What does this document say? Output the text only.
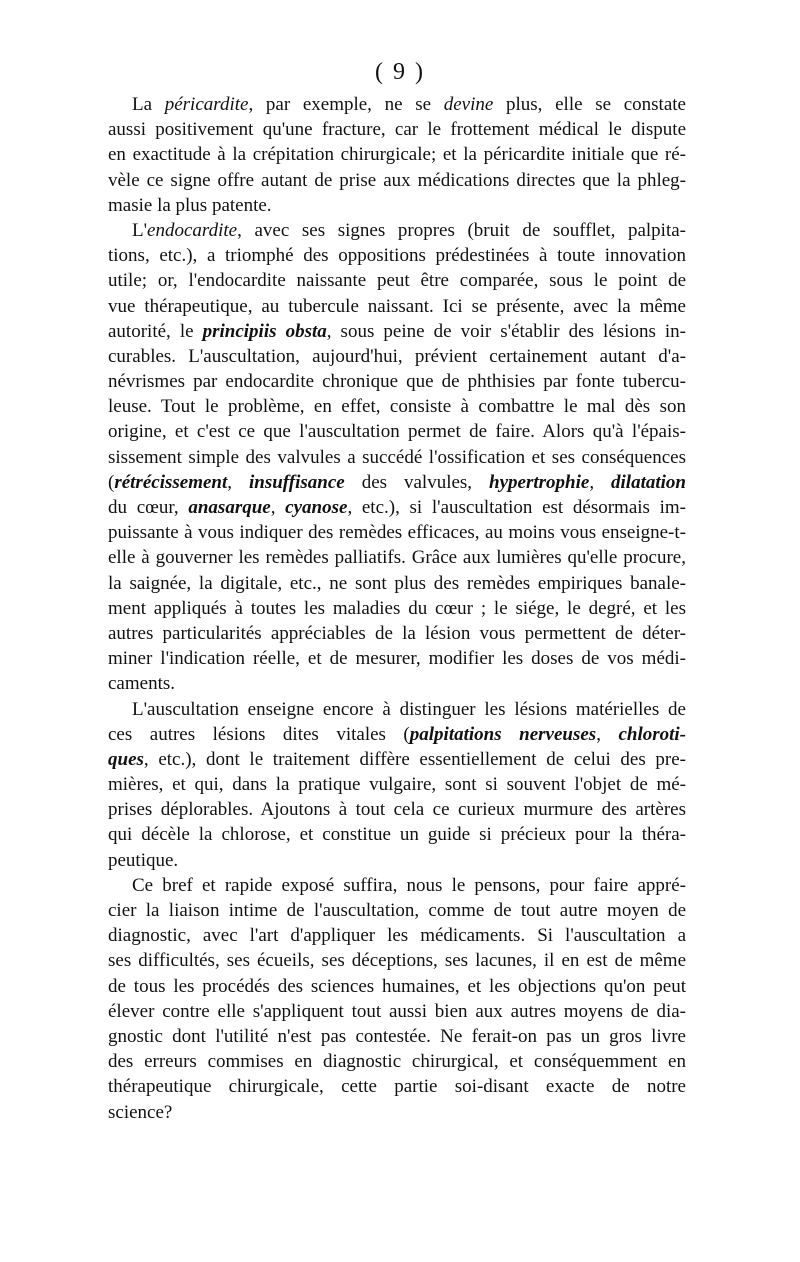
( 9 )
La péricardite, par exemple, ne se devine plus, elle se constate
aussi positivement qu'une fracture, car le frottement médical le dispute
en exactitude à la crépitation chirurgicale; et la péricardite initiale que ré-
vèle ce signe offre autant de prise aux médications directes que la phleg-
masie la plus patente.
L'endocardite, avec ses signes propres (bruit de soufflet, palpita-
tions, etc.), a triomphé des oppositions prédestinées à toute innovation
utile; or, l'endocardite naissante peut être comparée, sous le point de
vue thérapeutique, au tubercule naissant. Ici se présente, avec la même
autorité, le principiis obsta, sous peine de voir s'établir des lésions in-
curables. L'auscultation, aujourd'hui, prévient certainement autant d'a-
névrismes par endocardite chronique que de phthisies par fonte tubercu-
leuse. Tout le problème, en effet, consiste à combattre le mal dès son
origine, et c'est ce que l'auscultation permet de faire. Alors qu'à l'épais-
sissement simple des valvules a succédé l'ossification et ses conséquences
(rétrécissement, insuffisance des valvules, hypertrophie, dilatation
du cœur, anasarque, cyanose, etc.), si l'auscultation est désormais im-
puissante à vous indiquer des remèdes efficaces, au moins vous enseigne-t-
elle à gouverner les remèdes palliatifs. Grâce aux lumières qu'elle procure,
la saignée, la digitale, etc., ne sont plus des remèdes empiriques banale-
ment appliqués à toutes les maladies du cœur ; le siége, le degré, et les
autres particularités appréciables de la lésion vous permettent de déter-
miner l'indication réelle, et de mesurer, modifier les doses de vos médi-
caments.
L'auscultation enseigne encore à distinguer les lésions matérielles de
ces autres lésions dites vitales (palpitations nerveuses, chloroti-
ques, etc.), dont le traitement diffère essentiellement de celui des pre-
mières, et qui, dans la pratique vulgaire, sont si souvent l'objet de mé-
prises déplorables. Ajoutons à tout cela ce curieux murmure des artères
qui décèle la chlorose, et constitue un guide si précieux pour la théra-
peutique.
Ce bref et rapide exposé suffira, nous le pensons, pour faire appré-
cier la liaison intime de l'auscultation, comme de tout autre moyen de
diagnostic, avec l'art d'appliquer les médicaments. Si l'auscultation a
ses difficultés, ses écueils, ses déceptions, ses lacunes, il en est de même
de tous les procédés des sciences humaines, et les objections qu'on peut
élever contre elle s'appliquent tout aussi bien aux autres moyens de dia-
gnostic dont l'utilité n'est pas contestée. Ne ferait-on pas un gros livre
des erreurs commises en diagnostic chirurgical, et conséquemment en
thérapeutique chirurgicale, cette partie soi-disant exacte de notre
science?
